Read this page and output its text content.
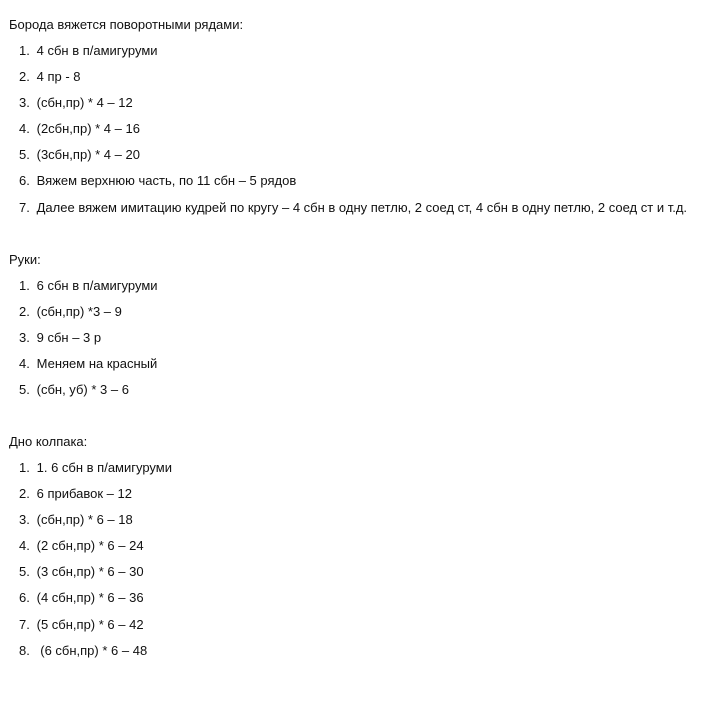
Борода вяжется поворотными рядами:
1. 4 сбн в п/амигуруми
2. 4 пр - 8
3. (сбн,пр) * 4 – 12
4. (2сбн,пр) * 4 – 16
5. (3сбн,пр) * 4 – 20
6. Вяжем верхнюю часть, по 11 сбн – 5 рядов
7. Далее вяжем имитацию кудрей по кругу – 4 сбн в одну петлю, 2 соед ст, 4 сбн в одну петлю, 2 соед ст и т.д.
Руки:
1. 6 сбн в п/амигуруми
2. (сбн,пр) *3 – 9
3. 9 сбн – 3 р
4. Меняем на красный
5. (сбн, уб) * 3 – 6
Дно колпака:
1. 1. 6 сбн в п/амигуруми
2. 6 прибавок – 12
3. (сбн,пр) * 6 – 18
4. (2 сбн,пр) * 6 – 24
5. (3 сбн,пр) * 6 – 30
6. (4 сбн,пр) * 6 – 36
7. (5 сбн,пр) * 6 – 42
8.  (6 сбн,пр) * 6 – 48
